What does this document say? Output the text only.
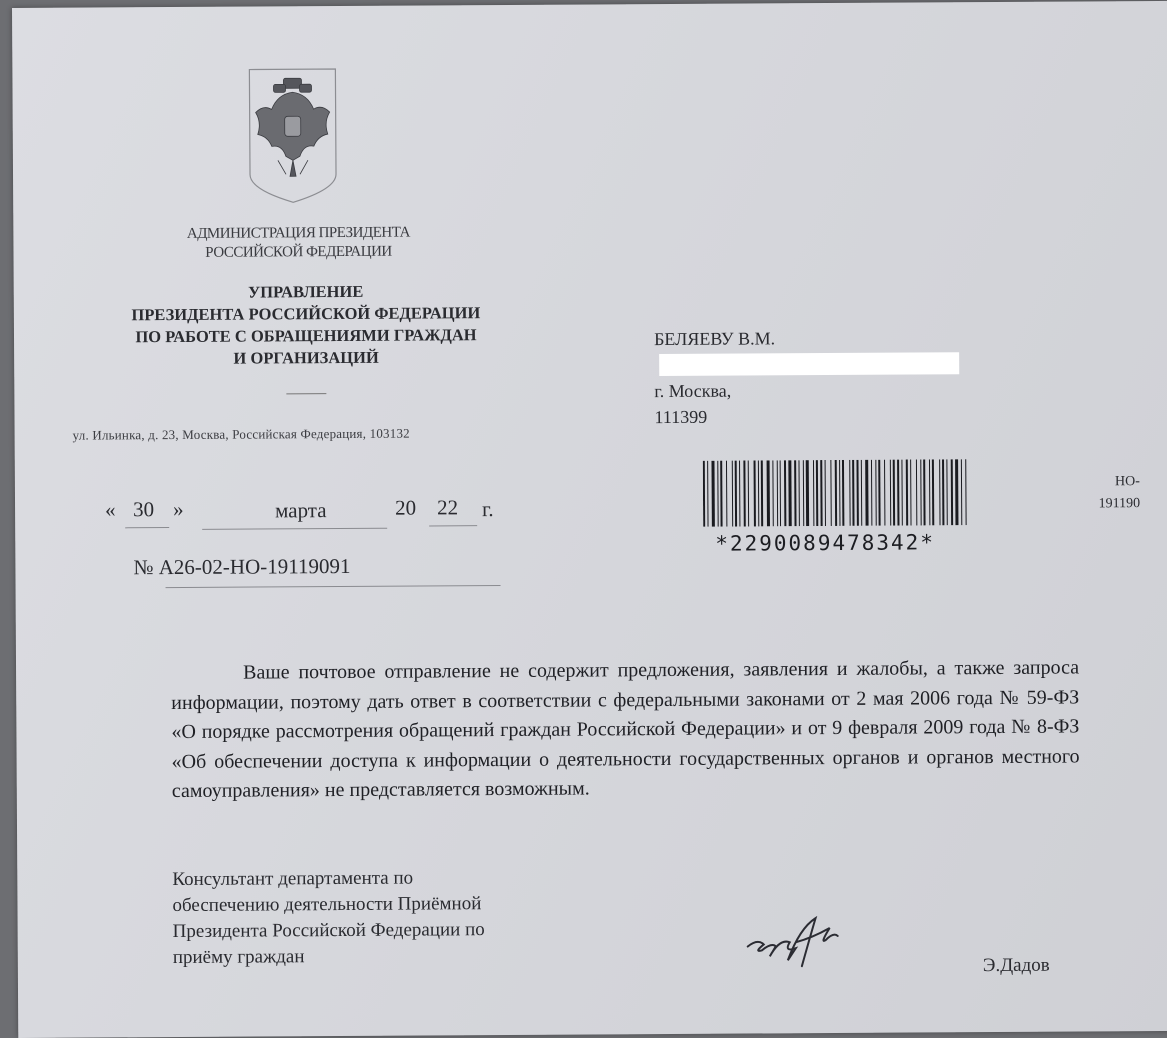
АДМИНИСТРАЦИЯ ПРЕЗИДЕНТА
РОССИЙСКОЙ ФЕДЕРАЦИИ
УПРАВЛЕНИЕ
ПРЕЗИДЕНТА РОССИЙСКОЙ ФЕДЕРАЦИИ
ПО РАБОТЕ С ОБРАЩЕНИЯМИ ГРАЖДАН
И ОРГАНИЗАЦИЙ
ул. Ильинка, д. 23, Москва, Российская Федерация, 103132
« 30 »	марта	20 22 г.
№ А26-02-НО-19119091
БЕЛЯЕВУ В.М.
г. Москва,
111399
*2290089478342*
НО-
191190
Ваше почтовое отправление не содержит предложения, заявления и жалобы, а также запроса информации, поэтому дать ответ в соответствии с федеральными законами от 2 мая 2006 года № 59-ФЗ «О порядке рассмотрения обращений граждан Российской Федерации» и от 9 февраля 2009 года № 8-ФЗ «Об обеспечении доступа к информации о деятельности государственных органов и органов местного самоуправления» не представляется возможным.
Консультант департамента по
обеспечению деятельности Приёмной
Президента Российской Федерации по
приёму граждан	Э.Дадов
